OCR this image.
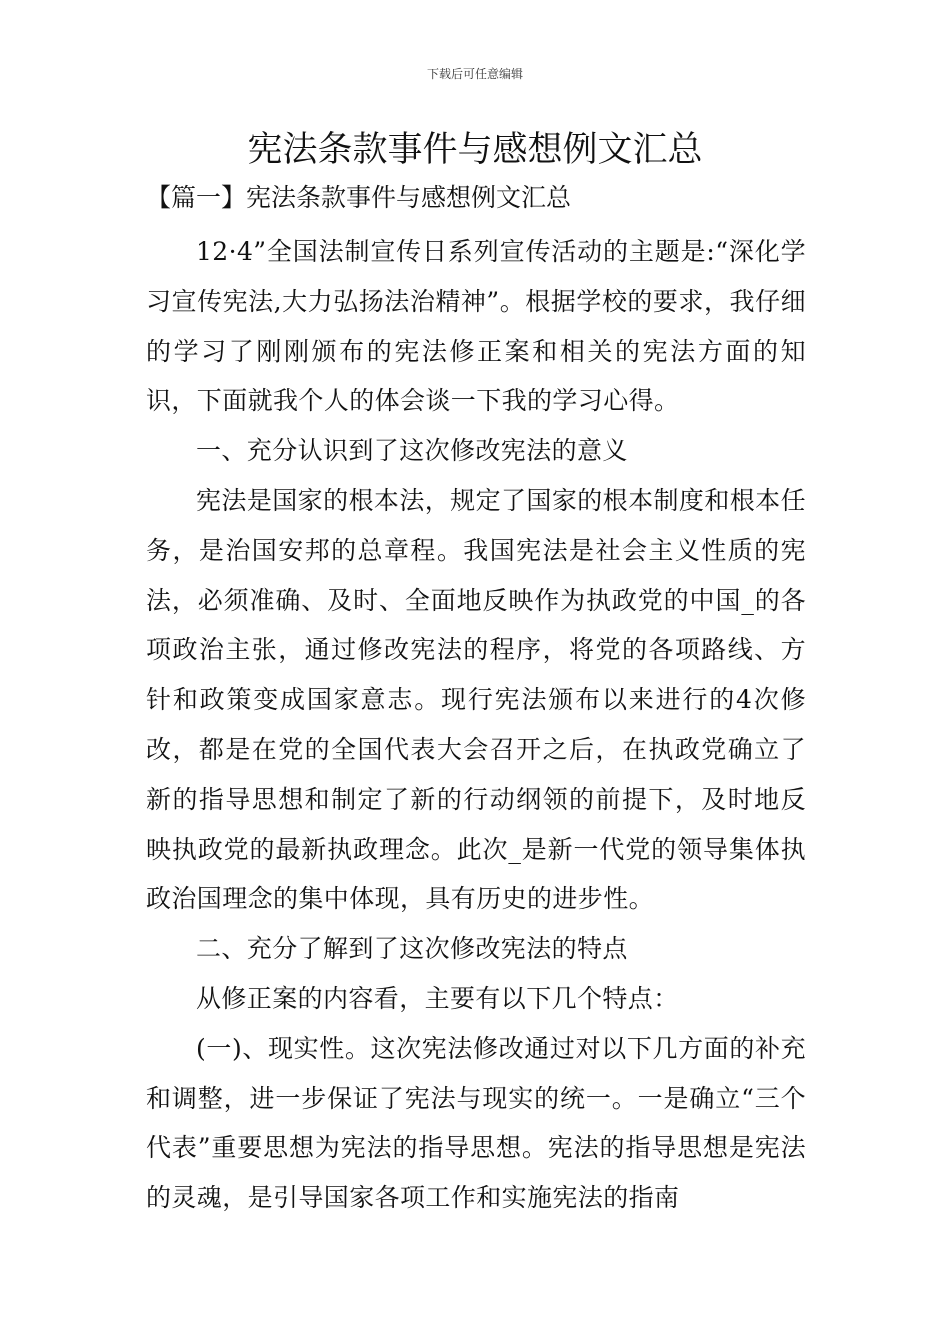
下载后可任意编辑
宪法条款事件与感想例文汇总

【篇一】宪法条款事件与感想例文汇总

12·4”全国法制宣传日系列宣传活动的主题是:“深化学习宣传宪法,大力弘扬法治精神”。根据学校的要求，我仔细的学习了刚刚颁布的宪法修正案和相关的宪法方面的知识，下面就我个人的体会谈一下我的学习心得。

一、充分认识到了这次修改宪法的意义

宪法是国家的根本法，规定了国家的根本制度和根本任务，是治国安邦的总章程。我国宪法是社会主义性质的宪法，必须准确、及时、全面地反映作为执政党的中国_的各项政治主张，通过修改宪法的程序，将党的各项路线、方针和政策变成国家意志。现行宪法颁布以来进行的4次修改，都是在党的全国代表大会召开之后，在执政党确立了新的指导思想和制定了新的行动纲领的前提下，及时地反映执政党的最新执政理念。此次_是新一代党的领导集体执政治国理念的集中体现，具有历史的进步性。

二、充分了解到了这次修改宪法的特点

从修正案的内容看，主要有以下几个特点：

(一)、现实性。这次宪法修改通过对以下几方面的补充和调整，进一步保证了宪法与现实的统一。一是确立“三个代表”重要思想为宪法的指导思想。宪法的指导思想是宪法的灵魂，是引导国家各项工作和实施宪法的指南
